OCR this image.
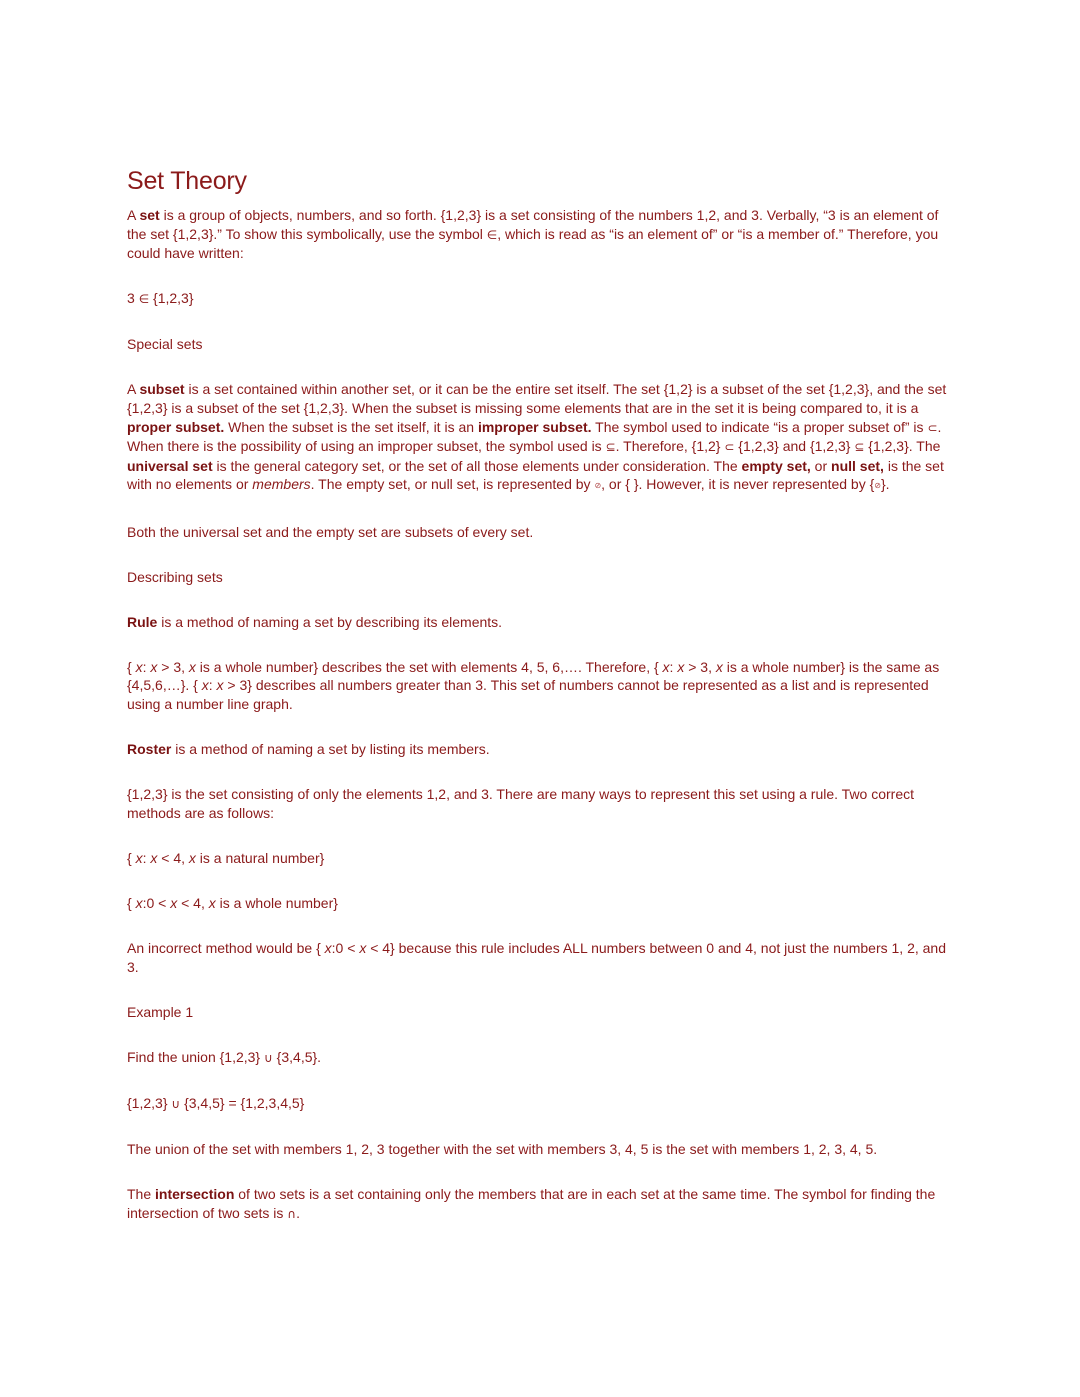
Set Theory

A set is a group of objects, numbers, and so forth. {1,2,3} is a set consisting of the numbers 1,2, and 3. Verbally, “3 is an element of the set {1,2,3}.” To show this symbolically, use the symbol ∈, which is read as “is an element of” or “is a member of.” Therefore, you could have written:

3 ∈ {1,2,3}

Special sets

A subset is a set contained within another set, or it can be the entire set itself. The set {1,2} is a subset of the set {1,2,3}, and the set {1,2,3} is a subset of the set {1,2,3}. When the subset is missing some elements that are in the set it is being compared to, it is a proper subset. When the subset is the set itself, it is an improper subset. The symbol used to indicate “is a proper subset of” is ⊂. When there is the possibility of using an improper subset, the symbol used is ⊆. Therefore, {1,2} ⊂ {1,2,3} and {1,2,3} ⊆ {1,2,3}. The universal set is the general category set, or the set of all those elements under consideration. The empty set, or null set, is the set with no elements or members. The empty set, or null set, is represented by ⊘, or { }. However, it is never represented by {⊘}.

Both the universal set and the empty set are subsets of every set.

Describing sets

Rule is a method of naming a set by describing its elements.

{ x: x > 3, x is a whole number} describes the set with elements 4, 5, 6,…. Therefore, { x: x > 3, x is a whole number} is the same as {4,5,6,…}. { x: x > 3} describes all numbers greater than 3. This set of numbers cannot be represented as a list and is represented using a number line graph.

Roster is a method of naming a set by listing its members.

{1,2,3} is the set consisting of only the elements 1,2, and 3. There are many ways to represent this set using a rule. Two correct methods are as follows:

{ x: x < 4, x is a natural number}

{ x:0 < x < 4, x is a whole number}

An incorrect method would be { x:0 < x < 4} because this rule includes ALL numbers between 0 and 4, not just the numbers 1, 2, and 3.

Example 1

Find the union {1,2,3} ∪ {3,4,5}.

{1,2,3} ∪ {3,4,5} = {1,2,3,4,5}

The union of the set with members 1, 2, 3 together with the set with members 3, 4, 5 is the set with members 1, 2, 3, 4, 5.

The intersection of two sets is a set containing only the members that are in each set at the same time. The symbol for finding the intersection of two sets is ∩.
